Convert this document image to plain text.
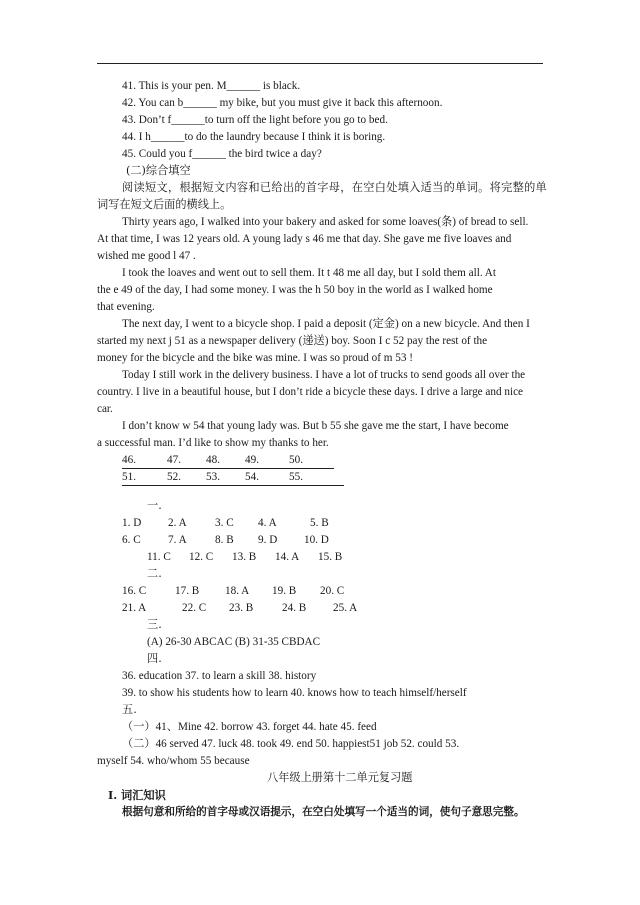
41. This is your pen. M______ is black.
42. You can b______ my bike, but you must give it back this afternoon.
43. Don’t f______to turn off the light before you go to bed.
44. I h______to do the laundry because I think it is boring.
45. Could you f______ the bird twice a day?
(二)综合填空
阅读短文，根据短文内容和已给出的首字母，在空白处填入适当的单词。将完整的单
词写在短文后面的横线上。
Thirty years ago, I walked into your bakery and asked for some loaves(条) of bread to sell.
At that time, I was 12 years old. A young lady s 46 me that day. She gave me five loaves and
wished me good l 47 .
I took the loaves and went out to sell them. It t 48 me all day, but I sold them all. At
the e 49 of the day, I had some money. I was the h 50 boy in the world as I walked home
that evening.
The next day, I went to a bicycle shop. I paid a deposit (定金) on a new bicycle. And then I
started my next j 51 as a newspaper delivery (递送) boy. Soon I c 52 pay the rest of the
money for the bicycle and the bike was mine. I was so proud of m 53 !
Today I still work in the delivery business. I have a lot of trucks to send goods all over the
country. I live in a beautiful house, but I don’t ride a bicycle these days. I drive a large and nice
car.
I don’t know w 54 that young lady was. But b 55 she gave me the start, I have become
a successful man. I’d like to show my thanks to her.
46.	47. 48. 49.	50.
51.	52. 53. 54.	55.
一.
1. D 2. A	3. C 4. A	5. B
6. C 7. A	8. B 9. D 10. D
11. C 12. C 13. B 14. A 15. B
二.
16. C	17. B 18. A 19. B 20. C
21. A	22. C 23. B	24. B 25. A
三.
(A) 26-30 ABCAC (B) 31-35 CBDAC
四.
36. education 37. to learn a skill 38. history
39. to show his students how to learn 40. knows how to teach himself/herself
五.
（一）41、Mine 42. borrow 43. forget 44. hate 45. feed
（二）46 served 47. luck 48. took 49. end 50. happiest51 job 52. could 53.
myself 54. who/whom 55 because
八年级上册第十二单元复习题
I. 词汇知识
根据句意和所给的首字母或汉语提示，在空白处填写一个适当的词，使句子意思完整。
